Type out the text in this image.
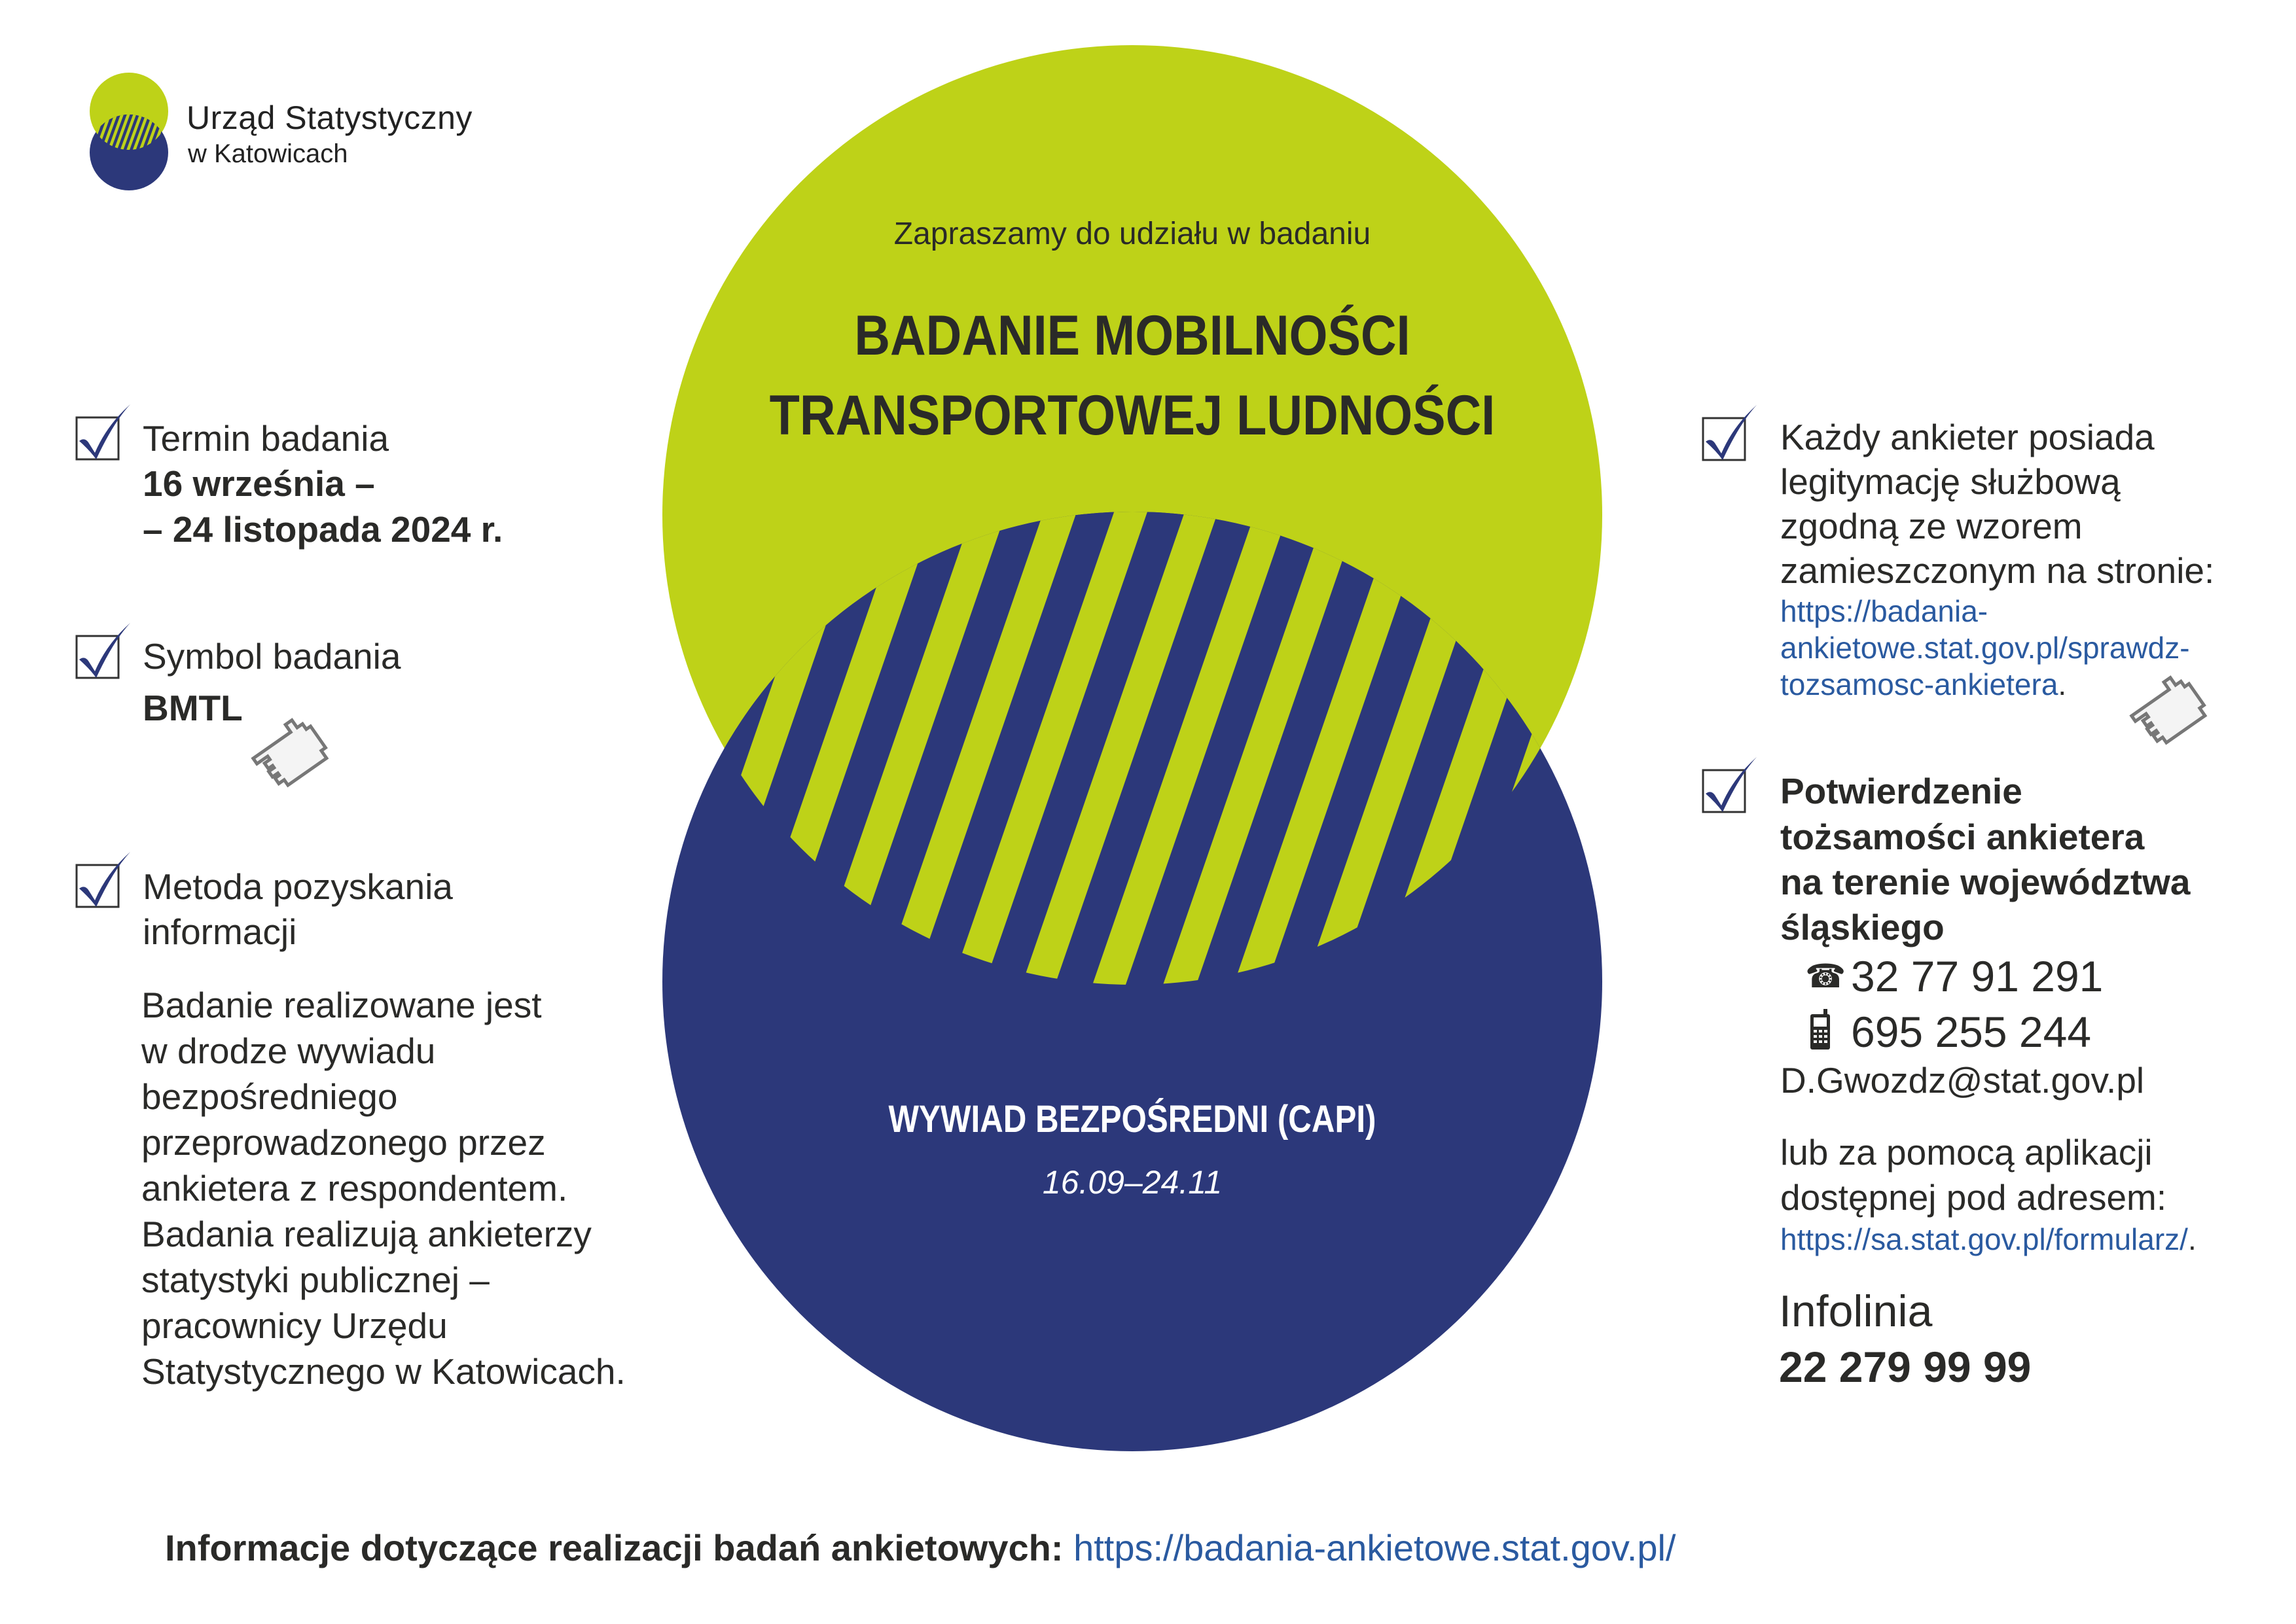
Urząd Statystyczny
w Katowicach
Zapraszamy do udziału w badaniu
BADANIE MOBILNOŚCI
TRANSPORTOWEJ LUDNOŚCI
WYWIAD BEZPOŚREDNI (CAPI)
16.09–24.11
Termin badania
16 września –
– 24 listopada 2024 r.
Symbol badania
BMTL
Metoda pozyskania
informacji
Badanie realizowane jest
w drodze wywiadu
bezpośredniego
przeprowadzonego przez
ankietera z respondentem.
Badania realizują ankieterzy
statystyki publicznej –
pracownicy Urzędu
Statystycznego w Katowicach.
Każdy ankieter posiada
legitymację służbową
zgodną ze wzorem
zamieszczonym na stronie:
https://badania-
ankietowe.stat.gov.pl/sprawdz-
tozsamosc-ankietera.
Potwierdzenie
tożsamości ankietera
na terenie województwa
śląskiego
☎ 32 77 91 291
695 255 244
D.Gwozdz@stat.gov.pl
lub za pomocą aplikacji
dostępnej pod adresem:
https://sa.stat.gov.pl/formularz/.
Infolinia
22 279 99 99
Informacje dotyczące realizacji badań ankietowych: https://badania-ankietowe.stat.gov.pl/
